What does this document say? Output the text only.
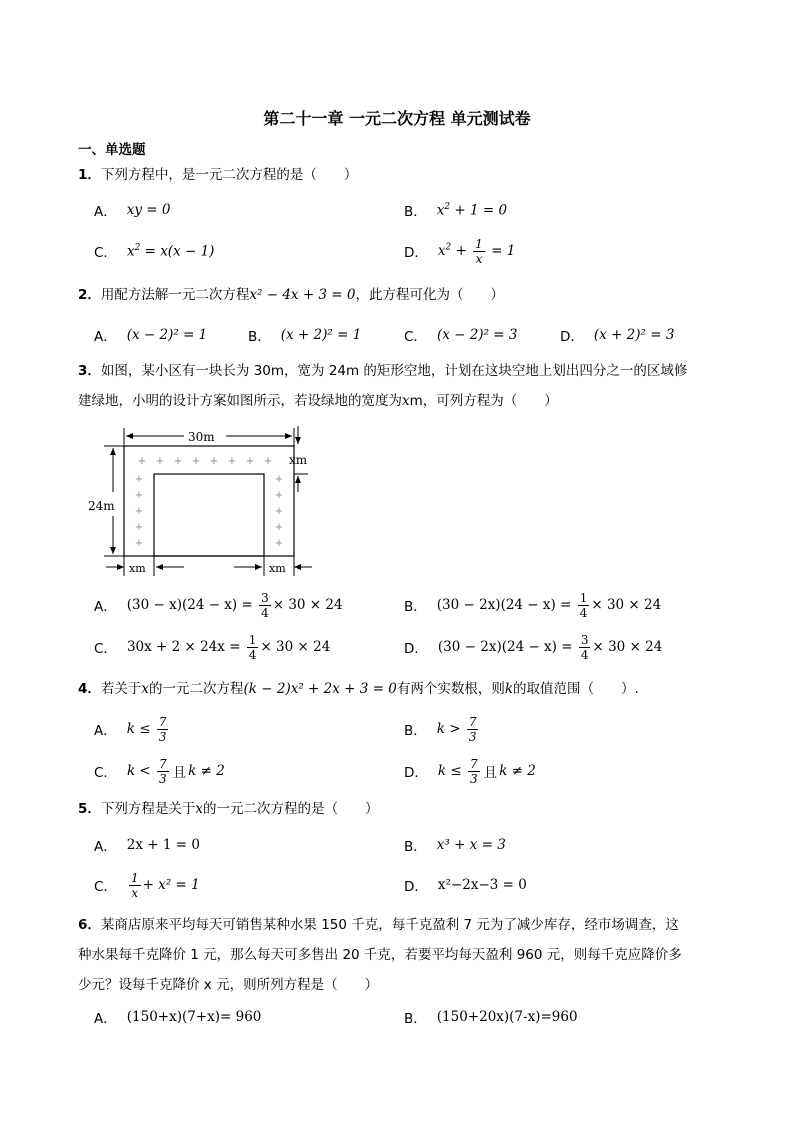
第二十一章 一元二次方程 单元测试卷
一、单选题
1．下列方程中，是一元二次方程的是（　　）
A． xy = 0	B． $x^2 + 1 = 0$
C． $x^2 = x(x - 1)$	D． $x^2 + \frac{1}{x} = 1$
2．用配方法解一元二次方程x² − 4x + 3 = 0，此方程可化为（　　）
A． (x − 2)² = 1	B． (x + 2)² = 1	C． (x − 2)² = 3	D． (x + 2)² = 3
3．如图，某小区有一块长为 30m，宽为 24m 的矩形空地，计划在这块空地上划出四分之一的区域修
建绿地，小明的设计方案如图所示，若设绿地的宽度为xm，可列方程为（　　）
30m
24m
xm
xm	xm
+ + + + + + + +
+	+
+	+
+	+
+	+
+	+
A． $(30 - x)(24 - x) = \frac{3}{4} \times 30 \times 24$	B． $(30 - 2x)(24 - x) = \frac{1}{4} \times 30 \times 24$
C． $30x + 2 \times 24x = \frac{1}{4} \times 30 \times 24$	D． $(30 - 2x)(24 - x) = \frac{3}{4} \times 30 \times 24$
4．若关于x的一元二次方程(k − 2)x² + 2x + 3 = 0有两个实数根，则k的取值范围（　　）.
A． $k \le \frac{7}{3}$	B． $k > \frac{7}{3}$
C． $k < \frac{7}{3}$ 且 k ≠ 2	D． $k \le \frac{7}{3}$ 且 k ≠ 2
5．下列方程是关于x的一元二次方程的是（　　）
A． 2x + 1 = 0	B． x³ + x = 3
C． $\frac{1}{x} + x^2 = 1$	D． x²−2x−3 = 0
6．某商店原来平均每天可销售某种水果 150 千克，每千克盈利 7 元为了减少库存，经市场调查，这
种水果每千克降价 1 元，那么每天可多售出 20 千克，若要平均每天盈利 960 元，则每千克应降价多
少元？设每千克降价 x 元，则所列方程是（　　）
A． (150+x)(7+x)= 960	B． (150+20x)(7-x)=960
